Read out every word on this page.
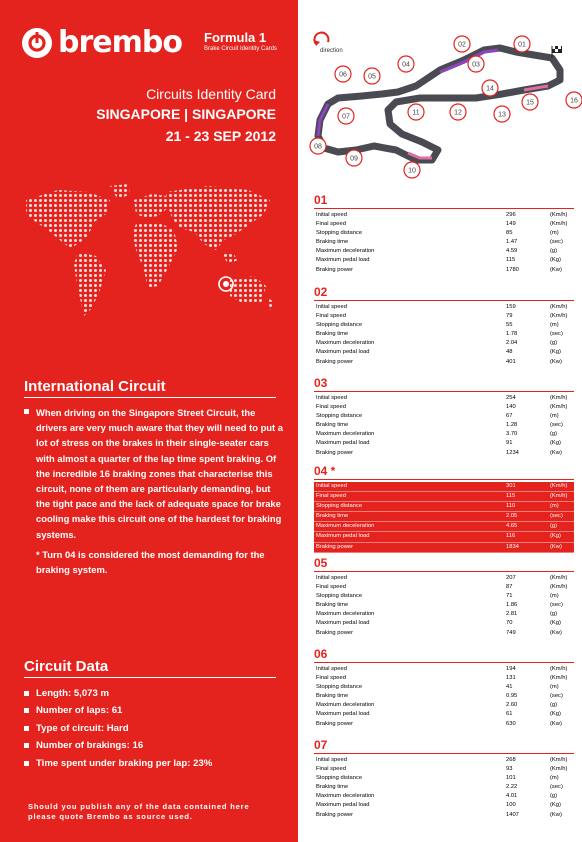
brembo Formula 1
Brake Circuit Identity Cards
Circuits Identity Card
SINGAPORE | SINGAPORE
21 - 23 SEP 2012
International Circuit

When driving on the Singapore Street Circuit, the drivers are very much aware that they will need to put a lot of stress on the brakes in their single-seater cars with almost a quarter of the lap time spent braking. Of the incredible 16 braking zones that characterise this circuit, none of them are particularly demanding, but the tight pace and the lack of adequate space for brake cooling make this circuit one of the hardest for braking systems.

* Turn 04 is considered the most demanding for the braking system.
Circuit Data
Length: 5,073 m
Number of laps: 61
Type of circuit: Hard
Number of brakings: 16
Time spent under braking per lap: 23%
Should you publish any of the data contained here
please quote Brembo as source used.
direction
01
02
03
04
05
06
07
08
09
10
11	12	13
14
15	16
01
Initial speed	296	(Km/h)
Final speed	149	(Km/h)
Stopping distance	85	(m)
Braking time	1.47	(sec)
Maximum deceleration	4.59	(g)
Maximum pedal load	115	(Kg)
Braking power	1780	(Kw)
02
Initial speed	159	(Km/h)
Final speed	79	(Km/h)
Stopping distance	55	(m)
Braking time	1.78	(sec)
Maximum deceleration	2.04	(g)
Maximum pedal load	48	(Kg)
Braking power	401	(Kw)
03
Initial speed	254	(Km/h)
Final speed	140	(Km/h)
Stopping distance	67	(m)
Braking time	1.28	(sec)
Maximum deceleration	3.70	(g)
Maximum pedal load	91	(Kg)
Braking power	1234	(Kw)
04 *
Initial speed	301	(Km/h)
Final speed	115	(Km/h)
Stopping distance	110	(m)
Braking time	2.05	(sec)
Maximum deceleration	4.65	(g)
Maximum pedal load	116	(Kg)
Braking power	1834	(Kw)
05
Initial speed	207	(Km/h)
Final speed	87	(Km/h)
Stopping distance	71	(m)
Braking time	1.86	(sec)
Maximum deceleration	2.81	(g)
Maximum pedal load	70	(Kg)
Braking power	749	(Kw)
06
Initial speed	194	(Km/h)
Final speed	131	(Km/h)
Stopping distance	41	(m)
Braking time	0.95	(sec)
Maximum deceleration	2.60	(g)
Maximum pedal load	61	(Kg)
Braking power	630	(Kw)
07
Initial speed	268	(Km/h)
Final speed	93	(Km/h)
Stopping distance	101	(m)
Braking time	2.22	(sec)
Maximum deceleration	4.01	(g)
Maximum pedal load	100	(Kg)
Braking power	1407	(Kw)
